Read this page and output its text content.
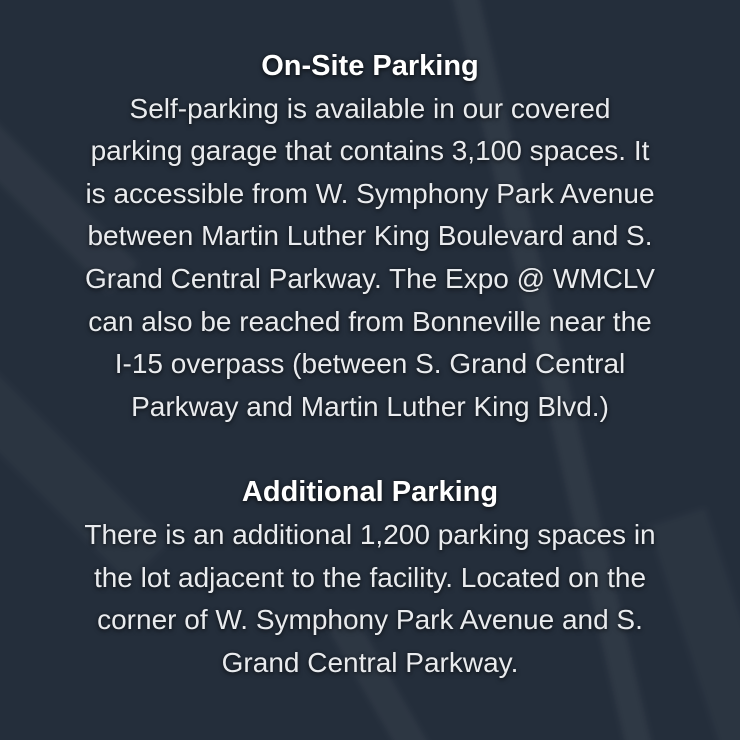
On-Site Parking
Self-parking is available in our covered
parking garage that contains 3,100 spaces. It
is accessible from W. Symphony Park Avenue
between Martin Luther King Boulevard and S.
Grand Central Parkway. The Expo @ WMCLV
can also be reached from Bonneville near the
I-15 overpass (between S. Grand Central
Parkway and Martin Luther King Blvd.)
Additional Parking
There is an additional 1,200 parking spaces in
the lot adjacent to the facility. Located on the
corner of W. Symphony Park Avenue and S.
Grand Central Parkway.
